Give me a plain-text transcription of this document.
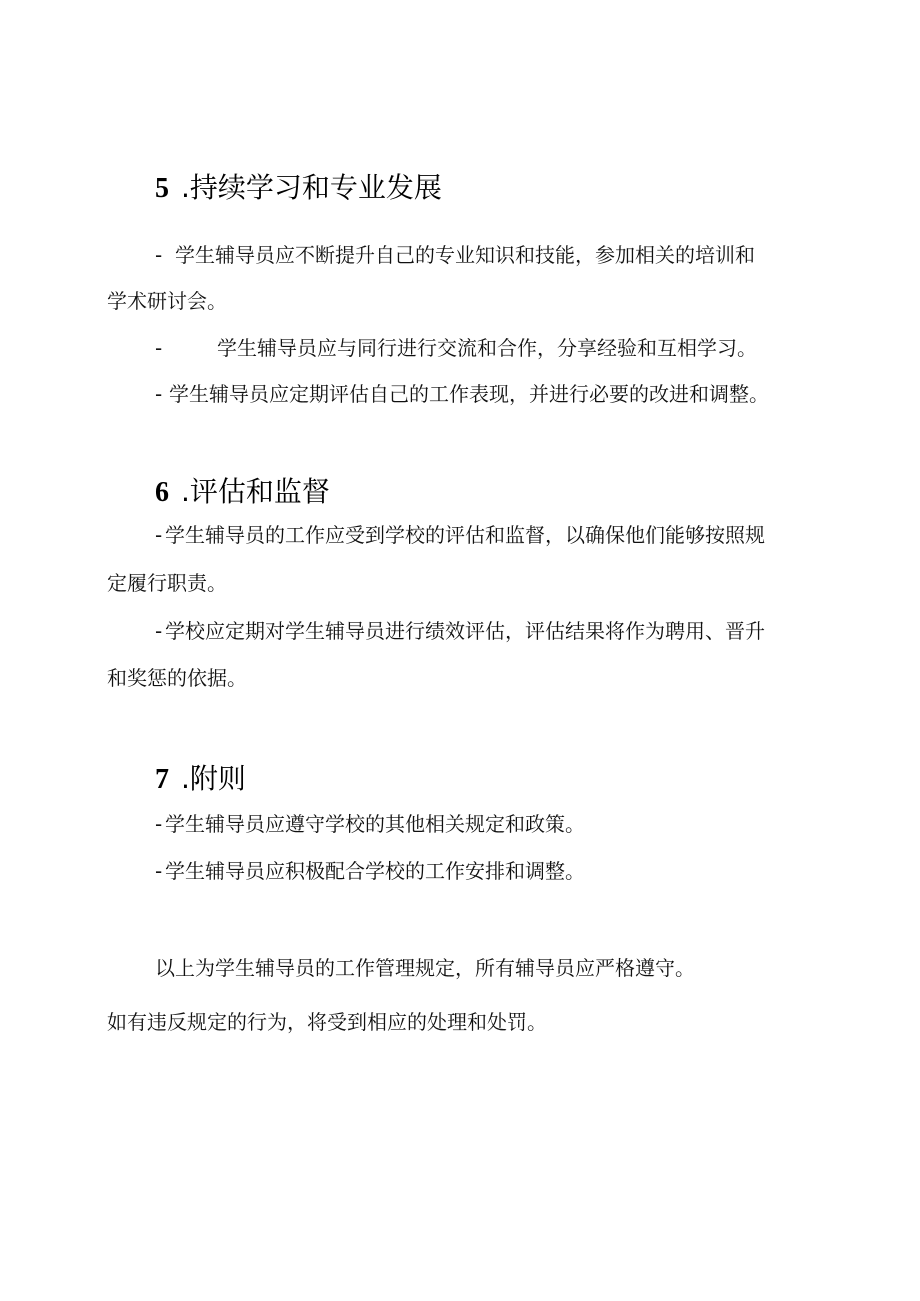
5 .持续学习和专业发展
- 学生辅导员应不断提升自己的专业知识和技能，参加相关的培训和
学术研讨会。
-	学生辅导员应与同行进行交流和合作，分享经验和互相学习。
- 学生辅导员应定期评估自己的工作表现，并进行必要的改进和调整。
6 .评估和监督
- 学生辅导员的工作应受到学校的评估和监督，以确保他们能够按照规
定履行职责。
- 学校应定期对学生辅导员进行绩效评估，评估结果将作为聘用、晋升
和奖惩的依据。
7 .附则
- 学生辅导员应遵守学校的其他相关规定和政策。
- 学生辅导员应积极配合学校的工作安排和调整。
以上为学生辅导员的工作管理规定，所有辅导员应严格遵守。
如有违反规定的行为，将受到相应的处理和处罚。
